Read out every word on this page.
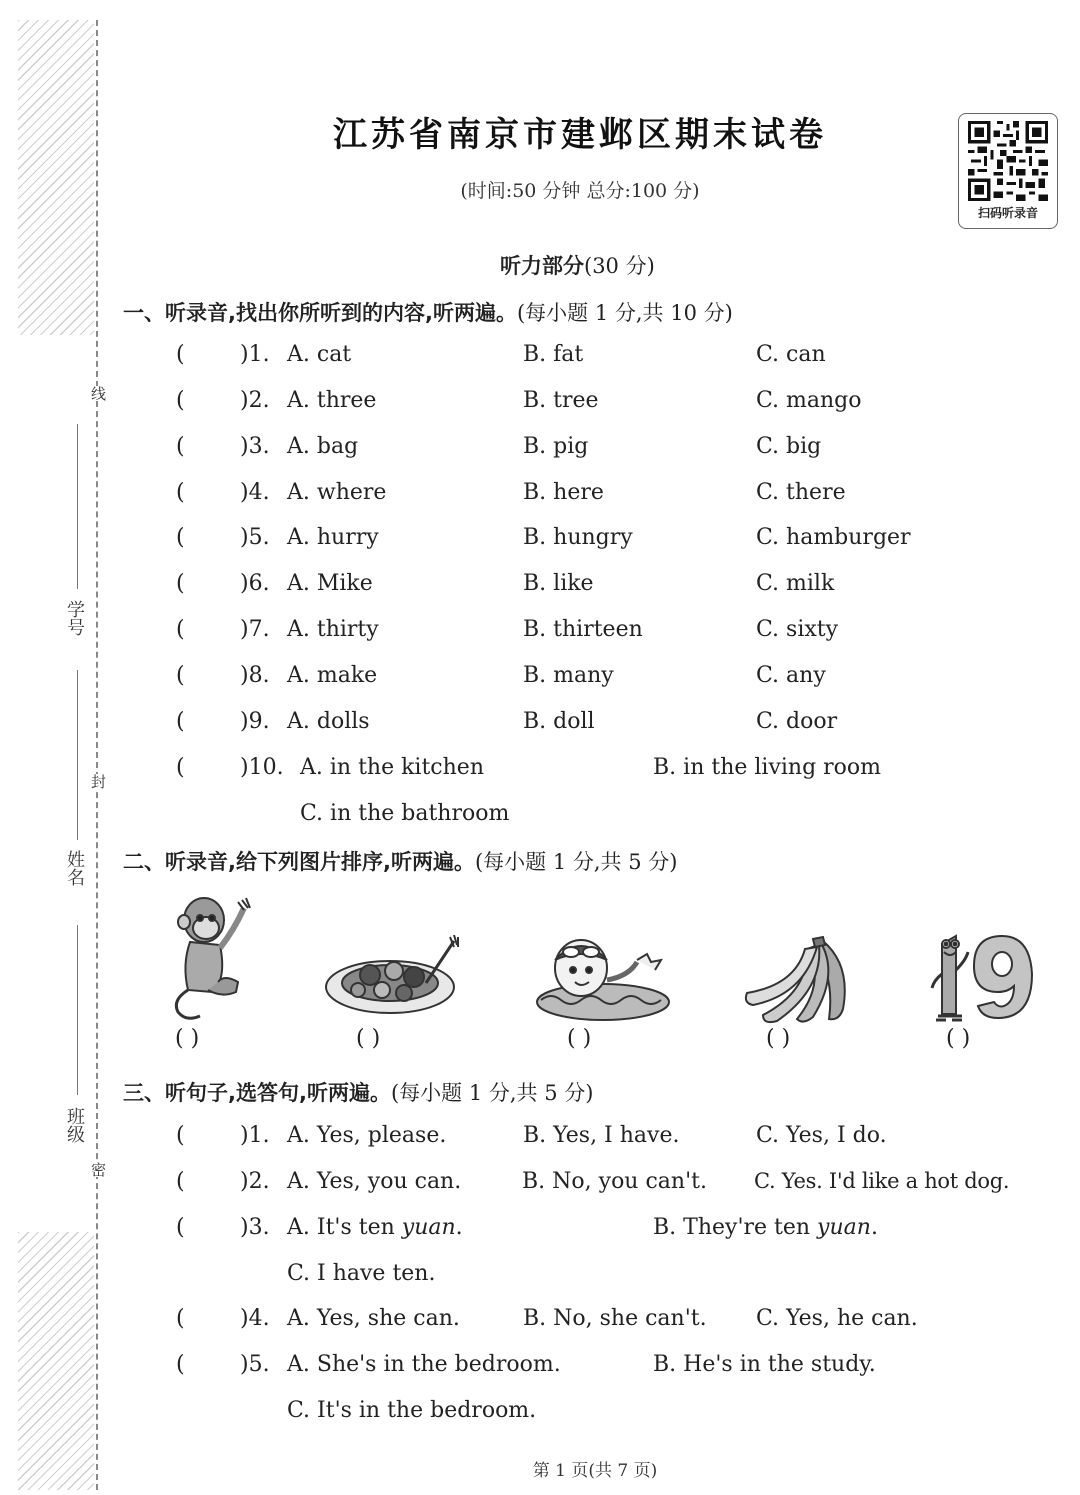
线
封
密
学号
姓名
班级
江苏省南京市建邺区期末试卷
(时间:50 分钟 总分:100 分)
扫码听录音
听力部分(30 分)
一、听录音,找出你所听到的内容,听两遍。(每小题 1 分,共 10 分)
(	)1. A. cat	B. fat	C. can
(	)2. A. three	B. tree	C. mango
(	)3. A. bag	B. pig	C. big
(	)4. A. where	B. here	C. there
(	)5. A. hurry	B. hungry	C. hamburger
(	)6. A. Mike	B. like	C. milk
(	)7. A. thirty	B. thirteen	C. sixty
(	)8. A. make	B. many	C. any
(	)9. A. dolls	B. doll	C. door
(	)10. A. in the kitchen	B. in the living room
C. in the bathroom
二、听录音,给下列图片排序,听两遍。(每小题 1 分,共 5 分)
( )	( )	( )	( )	( )
三、听句子,选答句,听两遍。(每小题 1 分,共 5 分)
(	)1. A. Yes, please.	B. Yes, I have.	C. Yes, I do.
(	)2. A. Yes, you can.	B. No, you can't. C. Yes. I'd like a hot dog.
(	)3. A. It's ten yuan.	B. They're ten yuan.
C. I have ten.
(	)4. A. Yes, she can.	B. No, she can't. C. Yes, he can.
(	)5. A. She's in the bedroom.	B. He's in the study.
C. It's in the bedroom.
第 1 页(共 7 页)
